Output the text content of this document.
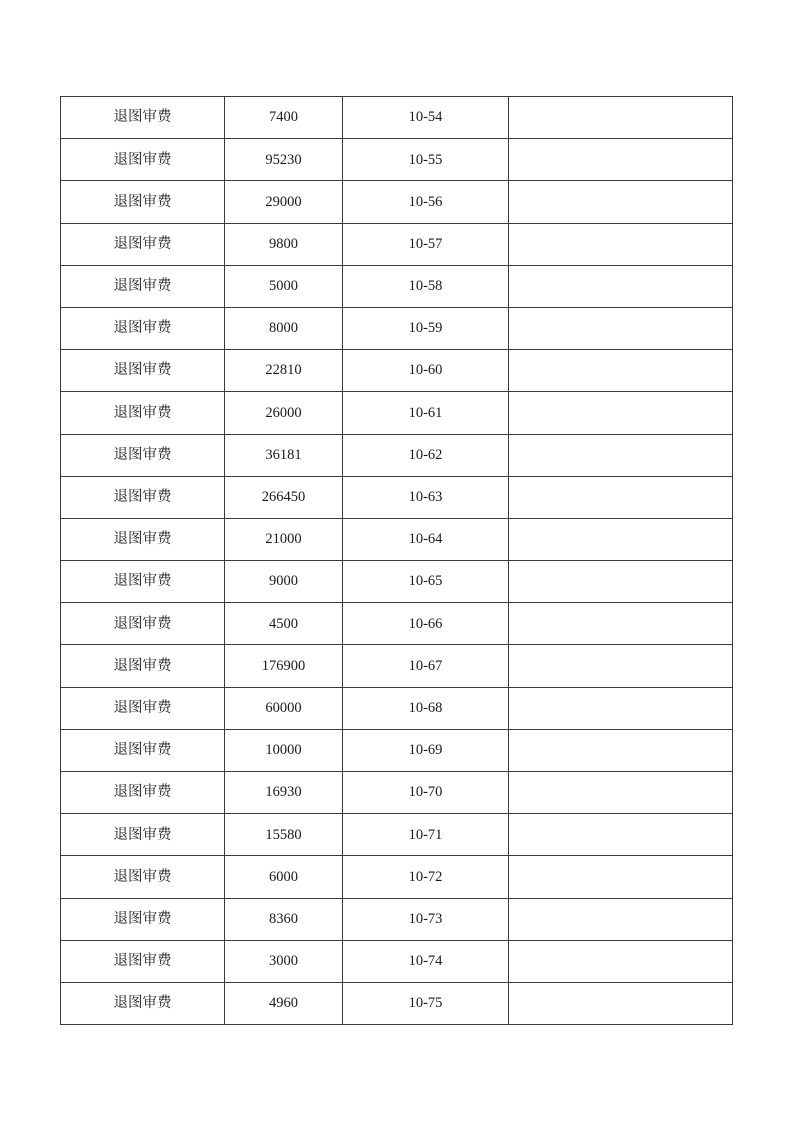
退图审费	7400	10-54	
退图审费	95230	10-55	
退图审费	29000	10-56	
退图审费	9800	10-57	
退图审费	5000	10-58	
退图审费	8000	10-59	
退图审费	22810	10-60	
退图审费	26000	10-61	
退图审费	36181	10-62	
退图审费	266450	10-63	
退图审费	21000	10-64	
退图审费	9000	10-65	
退图审费	4500	10-66	
退图审费	176900	10-67	
退图审费	60000	10-68	
退图审费	10000	10-69	
退图审费	16930	10-70	
退图审费	15580	10-71	
退图审费	6000	10-72	
退图审费	8360	10-73	
退图审费	3000	10-74	
退图审费	4960	10-75	
